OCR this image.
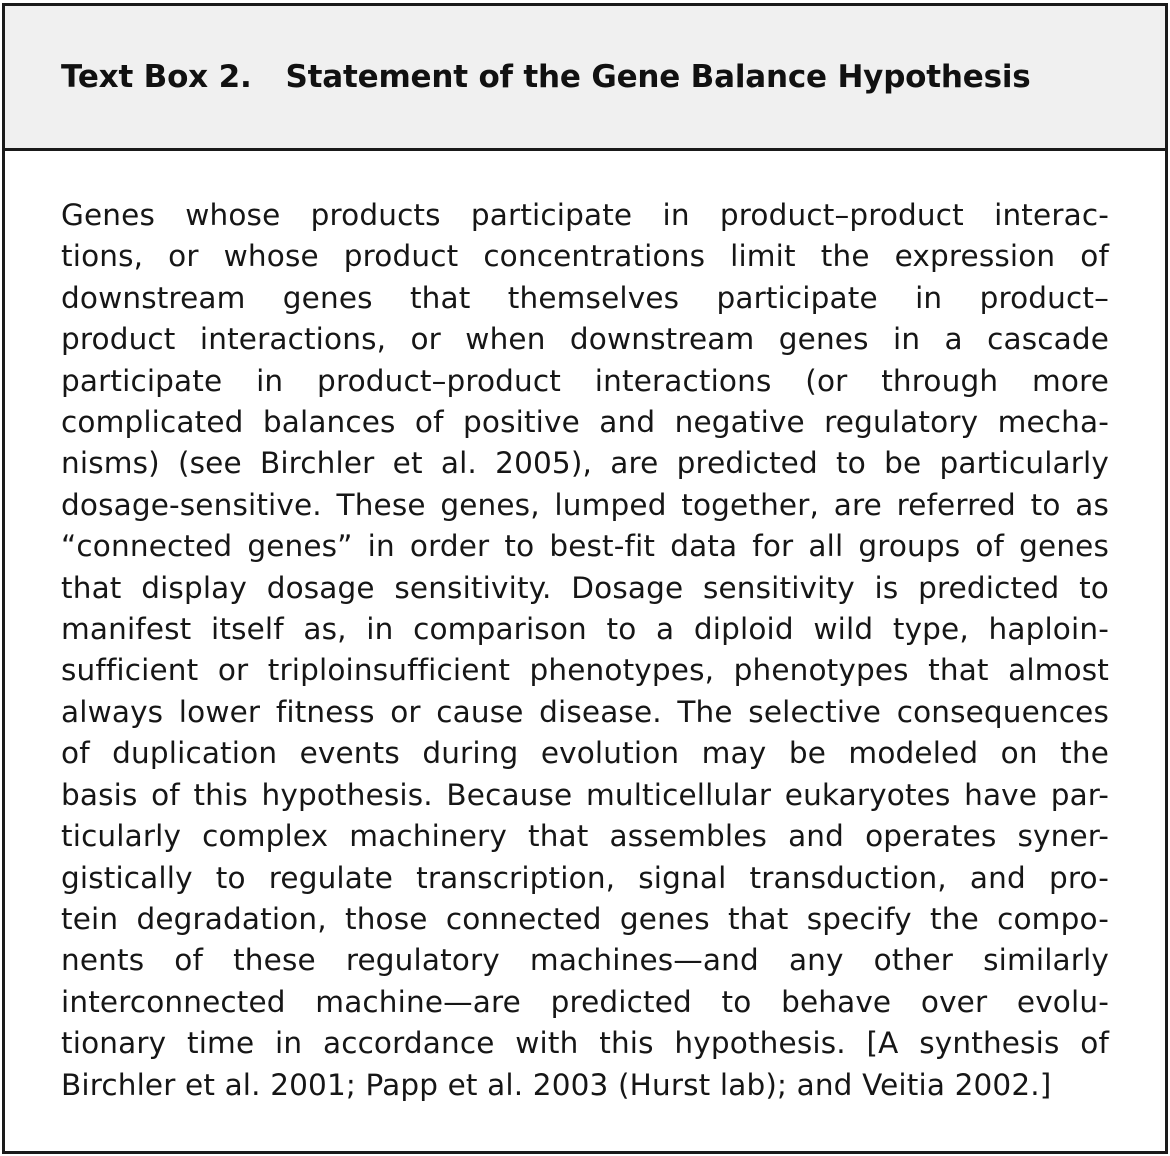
Text Box 2. Statement of the Gene Balance Hypothesis
Genes whose products participate in product–product interac-
tions, or whose product concentrations limit the expression of
downstream genes that themselves participate in product–
product interactions, or when downstream genes in a cascade
participate in product–product interactions (or through more
complicated balances of positive and negative regulatory mecha-
nisms) (see Birchler et al. 2005), are predicted to be particularly
dosage-sensitive. These genes, lumped together, are referred to as
“connected genes” in order to best-fit data for all groups of genes
that display dosage sensitivity. Dosage sensitivity is predicted to
manifest itself as, in comparison to a diploid wild type, haploin-
sufficient or triploinsufficient phenotypes, phenotypes that almost
always lower fitness or cause disease. The selective consequences
of duplication events during evolution may be modeled on the
basis of this hypothesis. Because multicellular eukaryotes have par-
ticularly complex machinery that assembles and operates syner-
gistically to regulate transcription, signal transduction, and pro-
tein degradation, those connected genes that specify the compo-
nents of these regulatory machines—and any other similarly
interconnected machine—are predicted to behave over evolu-
tionary time in accordance with this hypothesis. [A synthesis of
Birchler et al. 2001; Papp et al. 2003 (Hurst lab); and Veitia 2002.]
